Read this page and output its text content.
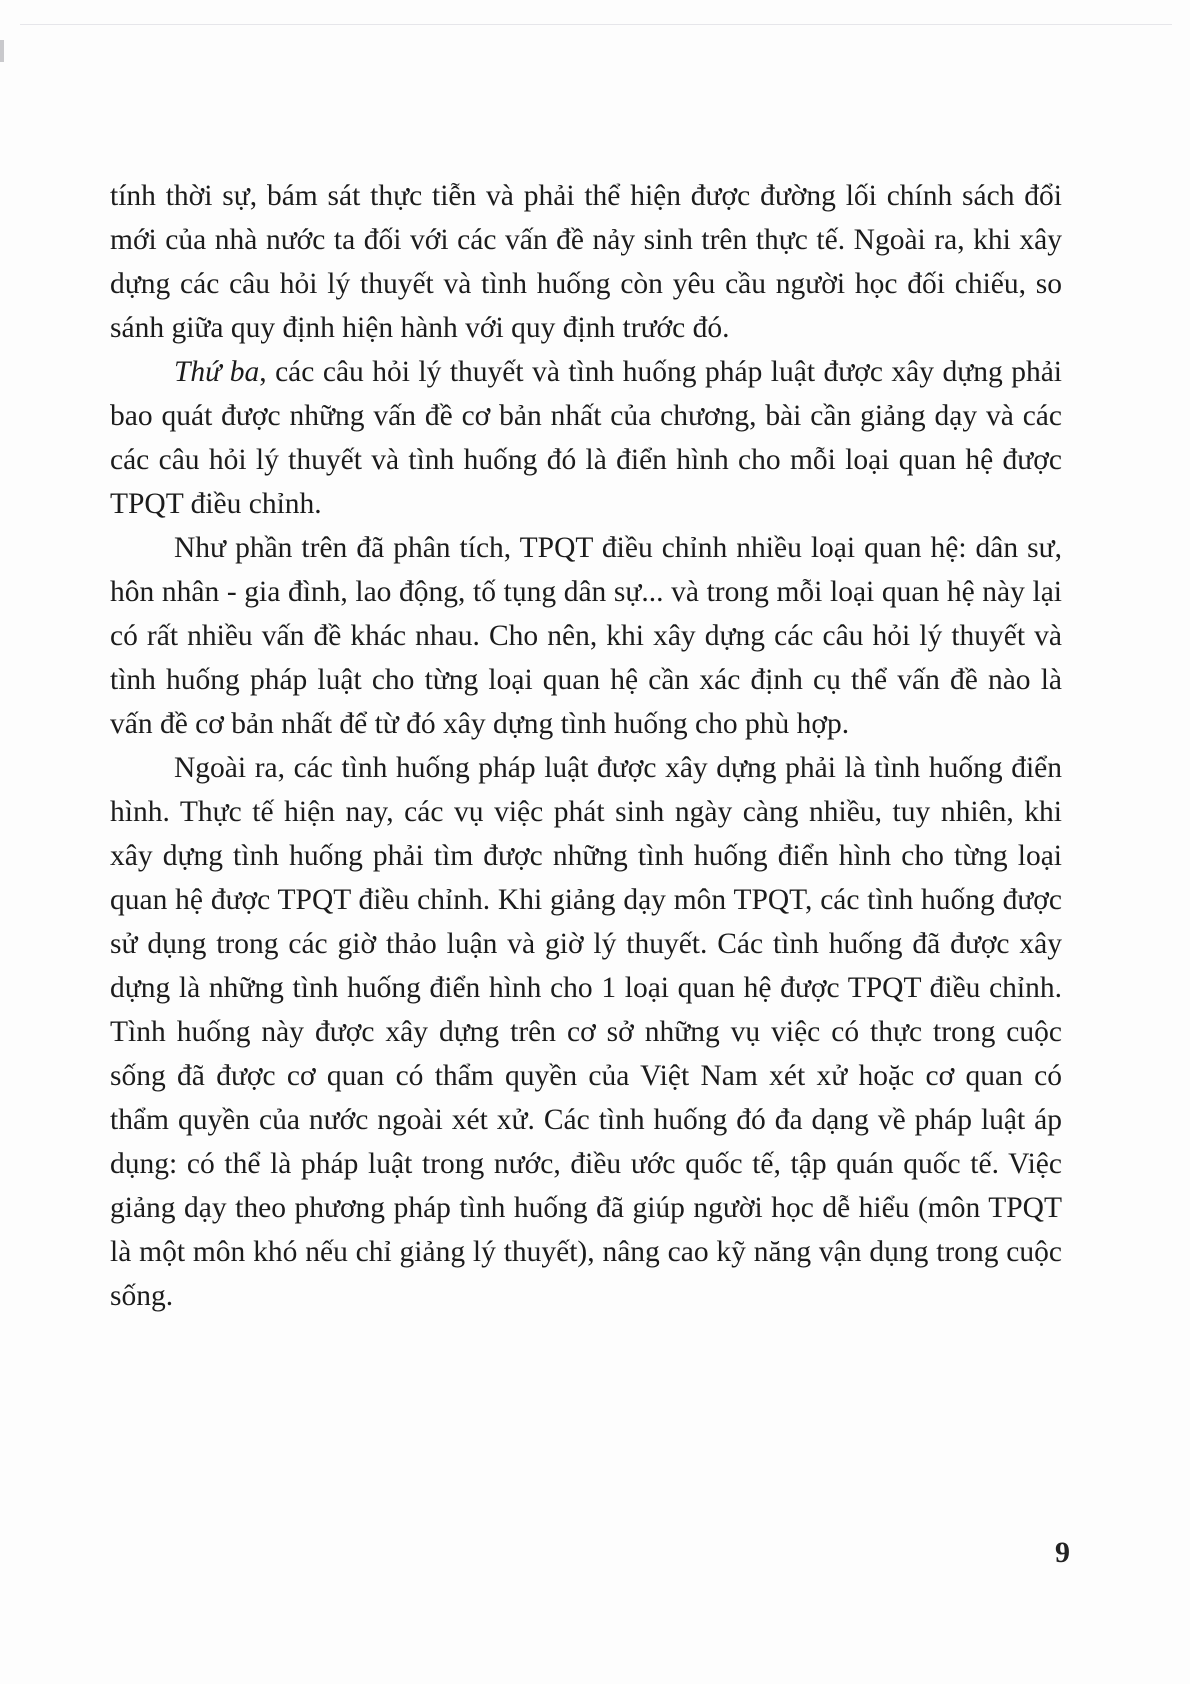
tính thời sự, bám sát thực tiễn và phải thể hiện được đường lối chính sách đổi mới của nhà nước ta đối với các vấn đề nảy sinh trên thực tế. Ngoài ra, khi xây dựng các câu hỏi lý thuyết và tình huống còn yêu cầu người học đối chiếu, so sánh giữa quy định hiện hành với quy định trước đó.

Thứ ba, các câu hỏi lý thuyết và tình huống pháp luật được xây dựng phải bao quát được những vấn đề cơ bản nhất của chương, bài cần giảng dạy và các các câu hỏi lý thuyết và tình huống đó là điển hình cho mỗi loại quan hệ được TPQT điều chỉnh.

Như phần trên đã phân tích, TPQT điều chỉnh nhiều loại quan hệ: dân sư, hôn nhân - gia đình, lao động, tố tụng dân sự... và trong mỗi loại quan hệ này lại có rất nhiều vấn đề khác nhau. Cho nên, khi xây dựng các câu hỏi lý thuyết và tình huống pháp luật cho từng loại quan hệ cần xác định cụ thể vấn đề nào là vấn đề cơ bản nhất để từ đó xây dựng tình huống cho phù hợp.

Ngoài ra, các tình huống pháp luật được xây dựng phải là tình huống điển hình. Thực tế hiện nay, các vụ việc phát sinh ngày càng nhiều, tuy nhiên, khi xây dựng tình huống phải tìm được những tình huống điển hình cho từng loại quan hệ được TPQT điều chỉnh. Khi giảng dạy môn TPQT, các tình huống được sử dụng trong các giờ thảo luận và giờ lý thuyết. Các tình huống đã được xây dựng là những tình huống điển hình cho 1 loại quan hệ được TPQT điều chỉnh. Tình huống này được xây dựng trên cơ sở những vụ việc có thực trong cuộc sống đã được cơ quan có thẩm quyền của Việt Nam xét xử hoặc cơ quan có thẩm quyền của nước ngoài xét xử. Các tình huống đó đa dạng về pháp luật áp dụng: có thể là pháp luật trong nước, điều ước quốc tế, tập quán quốc tế. Việc giảng dạy theo phương pháp tình huống đã giúp người học dễ hiểu (môn TPQT là một môn khó nếu chỉ giảng lý thuyết), nâng cao kỹ năng vận dụng trong cuộc sống.

9
